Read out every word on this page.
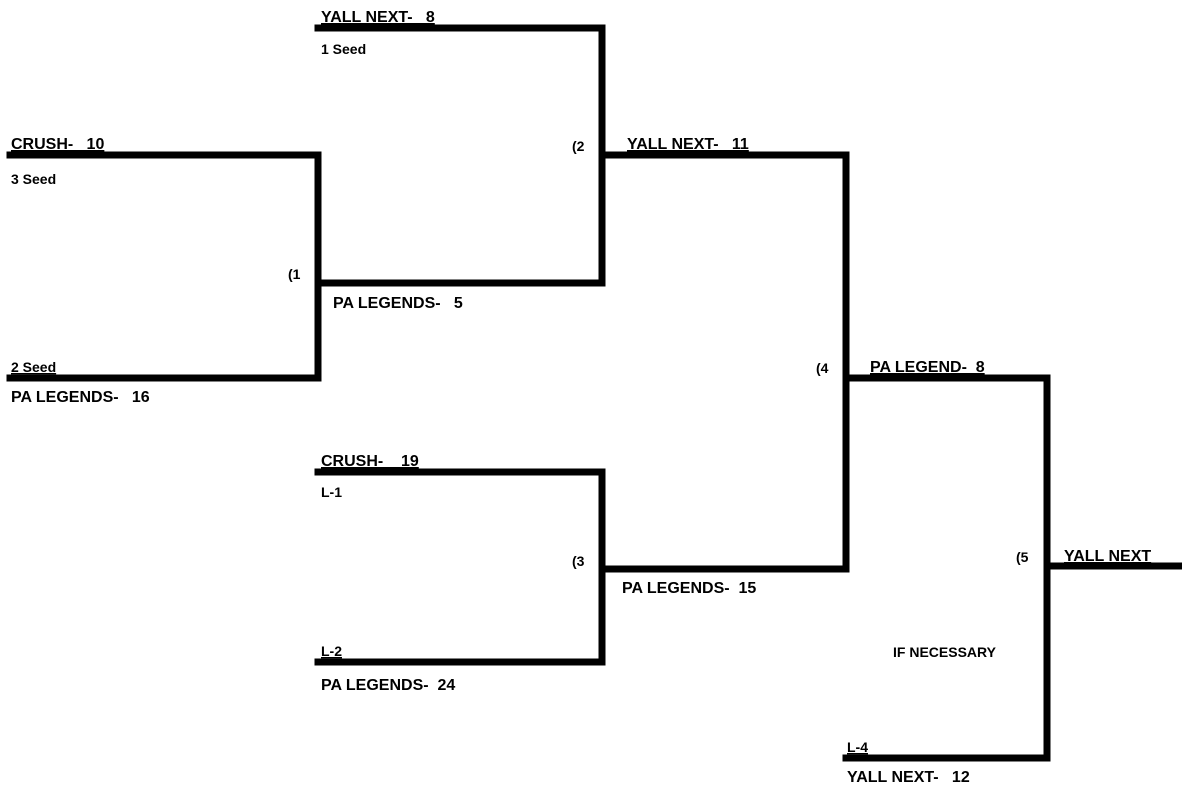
YALL NEXT-   8
1 Seed
CRUSH-   10
3 Seed
2 Seed
PA LEGENDS-   16
PA LEGENDS-   5
YALL NEXT-   11
CRUSH-    19
L-1
L-2
PA LEGENDS-  24
PA LEGENDS-  15
PA LEGEND-  8
YALL NEXT
L-4
YALL NEXT-   12
(1
(2
(3
(4
(5
IF NECESSARY
